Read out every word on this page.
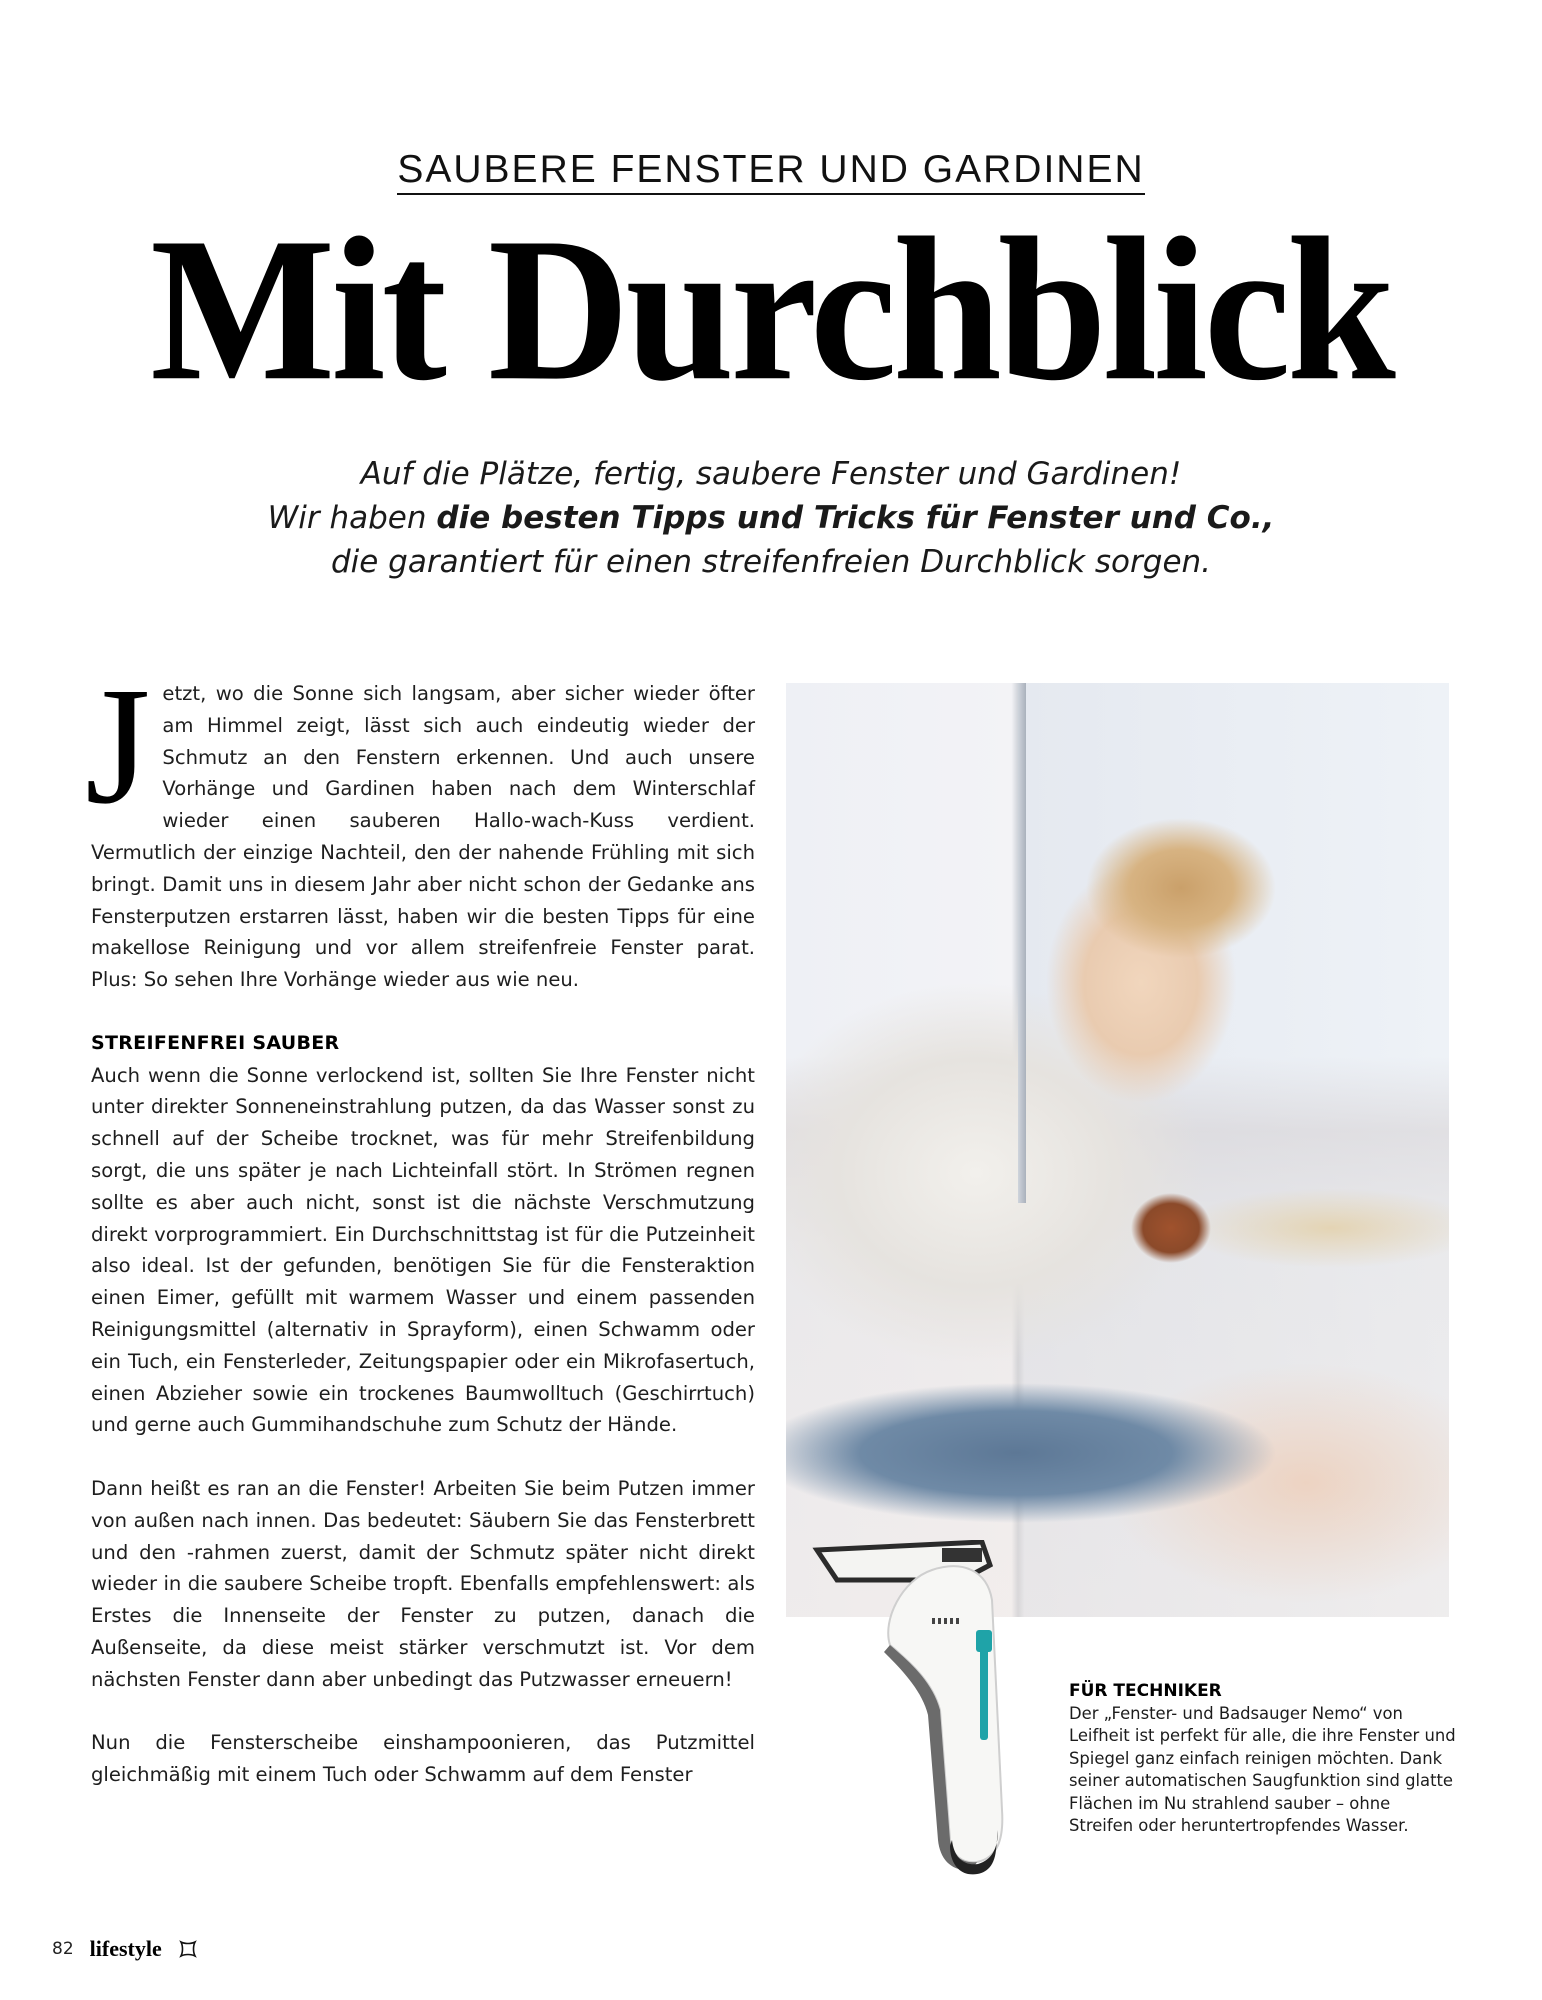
SAUBERE FENSTER UND GARDINEN
Mit Durchblick
Auf die Plätze, fertig, saubere Fenster und Gardinen!
Wir haben die besten Tipps und Tricks für Fenster und Co.,
die garantiert für einen streifenfreien Durchblick sorgen.

Jetzt, wo die Sonne sich langsam, aber sicher wieder öfter am Himmel zeigt, lässt sich auch eindeutig wieder der Schmutz an den Fenstern erkennen. Und auch unsere Vorhänge und Gardinen haben nach dem Winterschlaf wieder einen sauberen Hallo-wach-Kuss verdient. Vermutlich der einzige Nachteil, den der nahende Frühling mit sich bringt. Damit uns in diesem Jahr aber nicht schon der Gedanke ans Fensterputzen erstarren lässt, haben wir die besten Tipps für eine makellose Reinigung und vor allem streifenfreie Fenster parat. Plus: So sehen Ihre Vorhänge wieder aus wie neu.

STREIFENFREI SAUBER

Auch wenn die Sonne verlockend ist, sollten Sie Ihre Fenster nicht unter direkter Sonneneinstrahlung putzen, da das Wasser sonst zu schnell auf der Scheibe trocknet, was für mehr Streifenbildung sorgt, die uns später je nach Lichteinfall stört. In Strömen regnen sollte es aber auch nicht, sonst ist die nächste Verschmutzung direkt vorprogrammiert. Ein Durchschnittstag ist für die Putzeinheit also ideal. Ist der gefunden, benötigen Sie für die Fensteraktion einen Eimer, gefüllt mit warmem Wasser und einem passenden Reinigungsmittel (alternativ in Sprayform), einen Schwamm oder ein Tuch, ein Fensterleder, Zeitungspapier oder ein Mikrofasertuch, einen Abzieher sowie ein trockenes Baumwolltuch (Geschirrtuch) und gerne auch Gummihandschuhe zum Schutz der Hände.

Dann heißt es ran an die Fenster! Arbeiten Sie beim Putzen immer von außen nach innen. Das bedeutet: Säubern Sie das Fensterbrett und den -rahmen zuerst, damit der Schmutz später nicht direkt wieder in die saubere Scheibe tropft. Ebenfalls empfehlenswert: als Erstes die Innenseite der Fenster zu putzen, danach die Außenseite, da diese meist stärker verschmutzt ist. Vor dem nächsten Fenster dann aber unbedingt das Putzwasser erneuern!

Nun die Fensterscheibe einshampoonieren, das Putzmittel gleichmäßig mit einem Tuch oder Schwamm auf dem Fenster

FÜR TECHNIKER
Der „Fenster- und Badsauger Nemo“ von Leifheit ist perfekt für alle, die ihre Fenster und Spiegel ganz einfach reinigen möchten. Dank seiner automatischen Saugfunktion sind glatte Flächen im Nu strahlend sauber – ohne Streifen oder heruntertropfendes Wasser.
82 lifestyle
